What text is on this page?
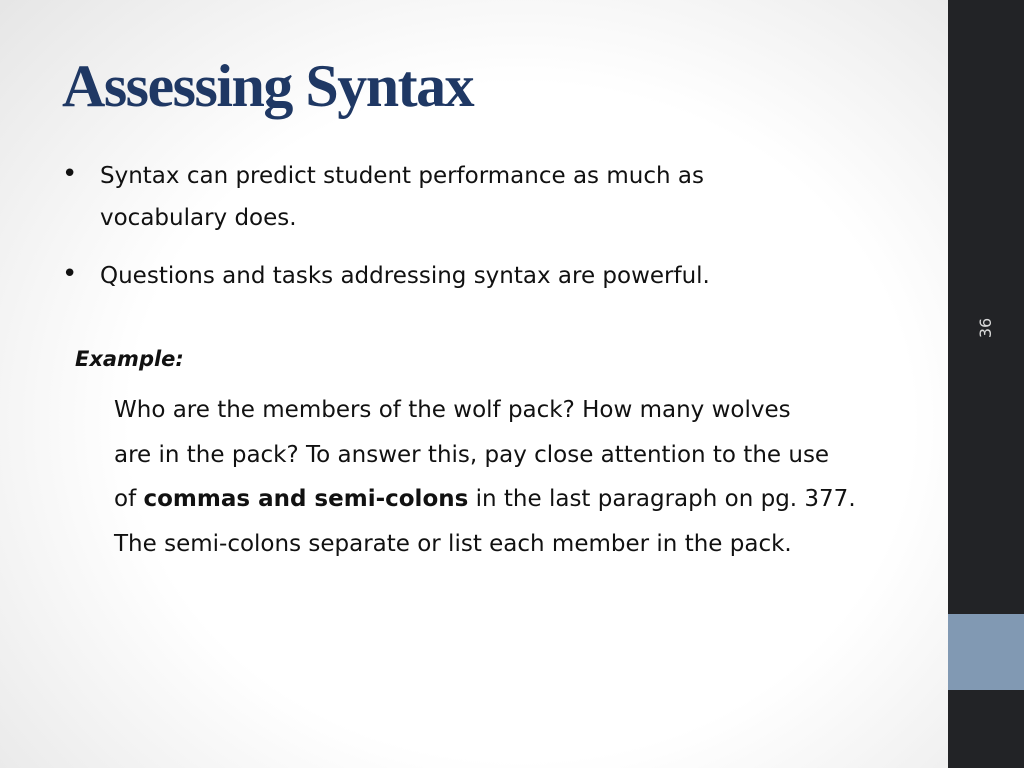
Assessing Syntax
• Syntax can predict student performance as much as
vocabulary does.
• Questions and tasks addressing syntax are powerful.

Example:

Who are the members of the wolf pack? How many wolves
are in the pack? To answer this, pay close attention to the use
of commas and semi-colons in the last paragraph on pg. 377.
The semi-colons separate or list each member in the pack.

36
